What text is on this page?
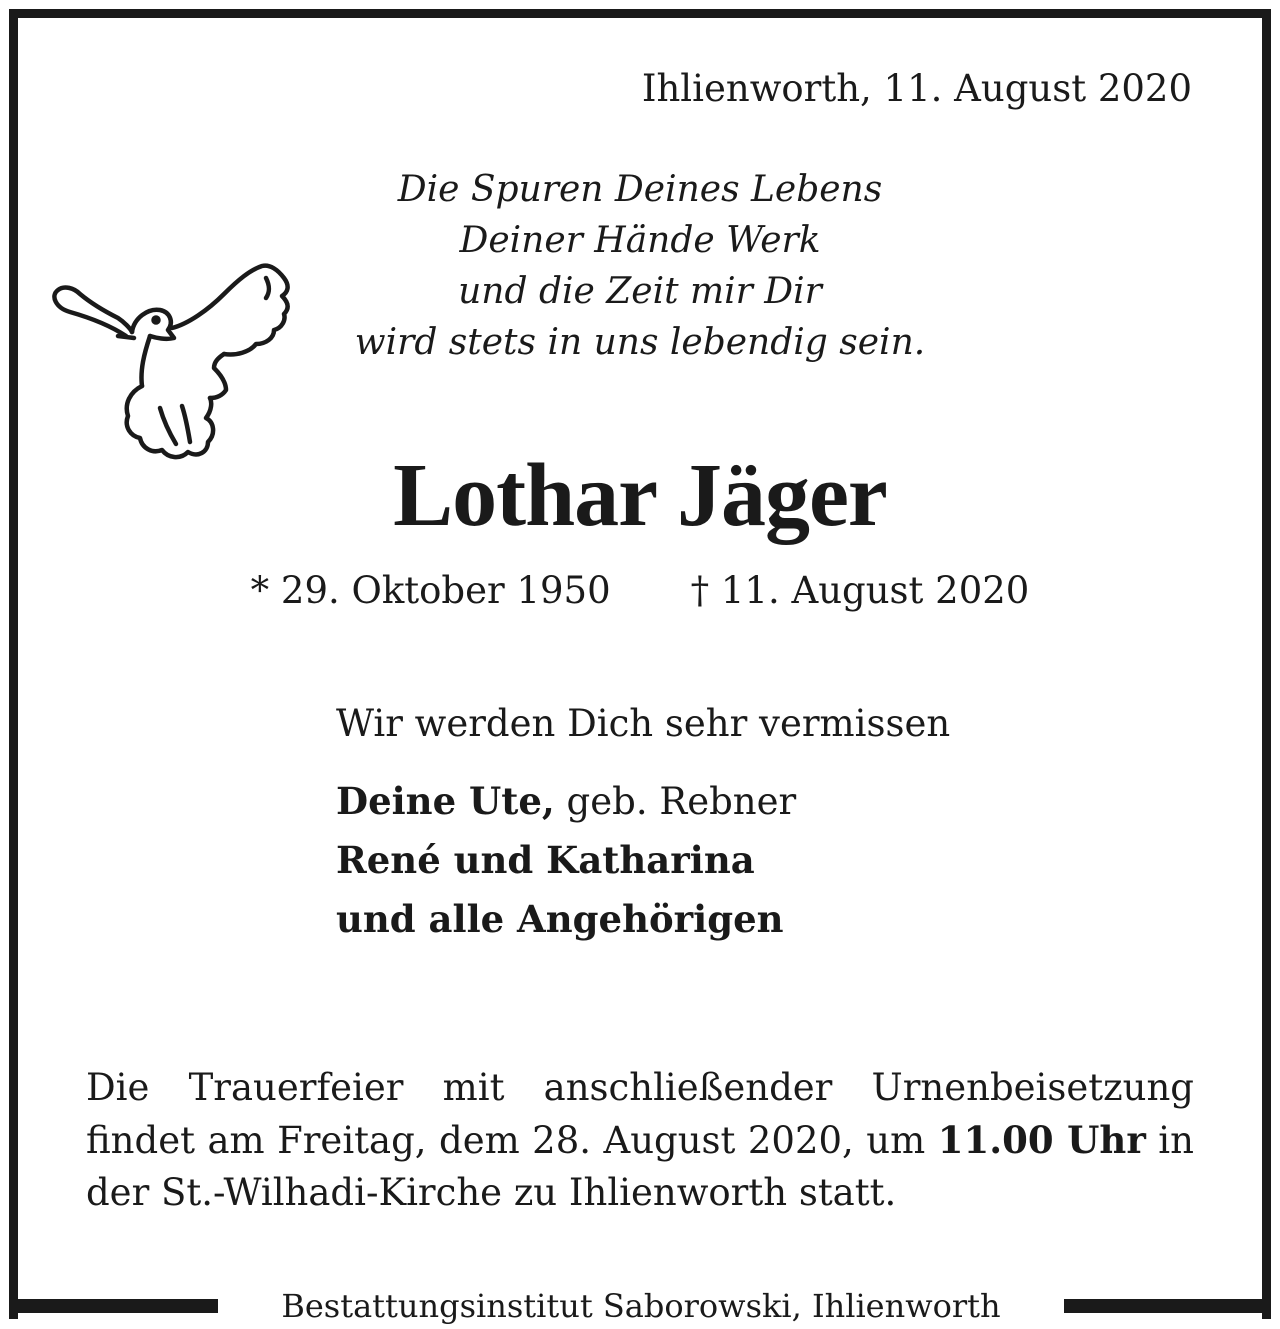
Ihlienworth, 11. August 2020
Die Spuren Deines Lebens
Deiner Hände Werk
und die Zeit mir Dir
wird stets in uns lebendig sein.
Lothar Jäger
* 29. Oktober 1950 † 11. August 2020
Wir werden Dich sehr vermissen
Deine Ute, geb. Rebner
René und Katharina
und alle Angehörigen
Die Trauerfeier mit anschließender Urnenbeisetzung
findet am Freitag, dem 28. August 2020, um 11.00 Uhr in
der St.-Wilhadi-Kirche zu Ihlienworth statt.
Bestattungsinstitut Saborowski, Ihlienworth
